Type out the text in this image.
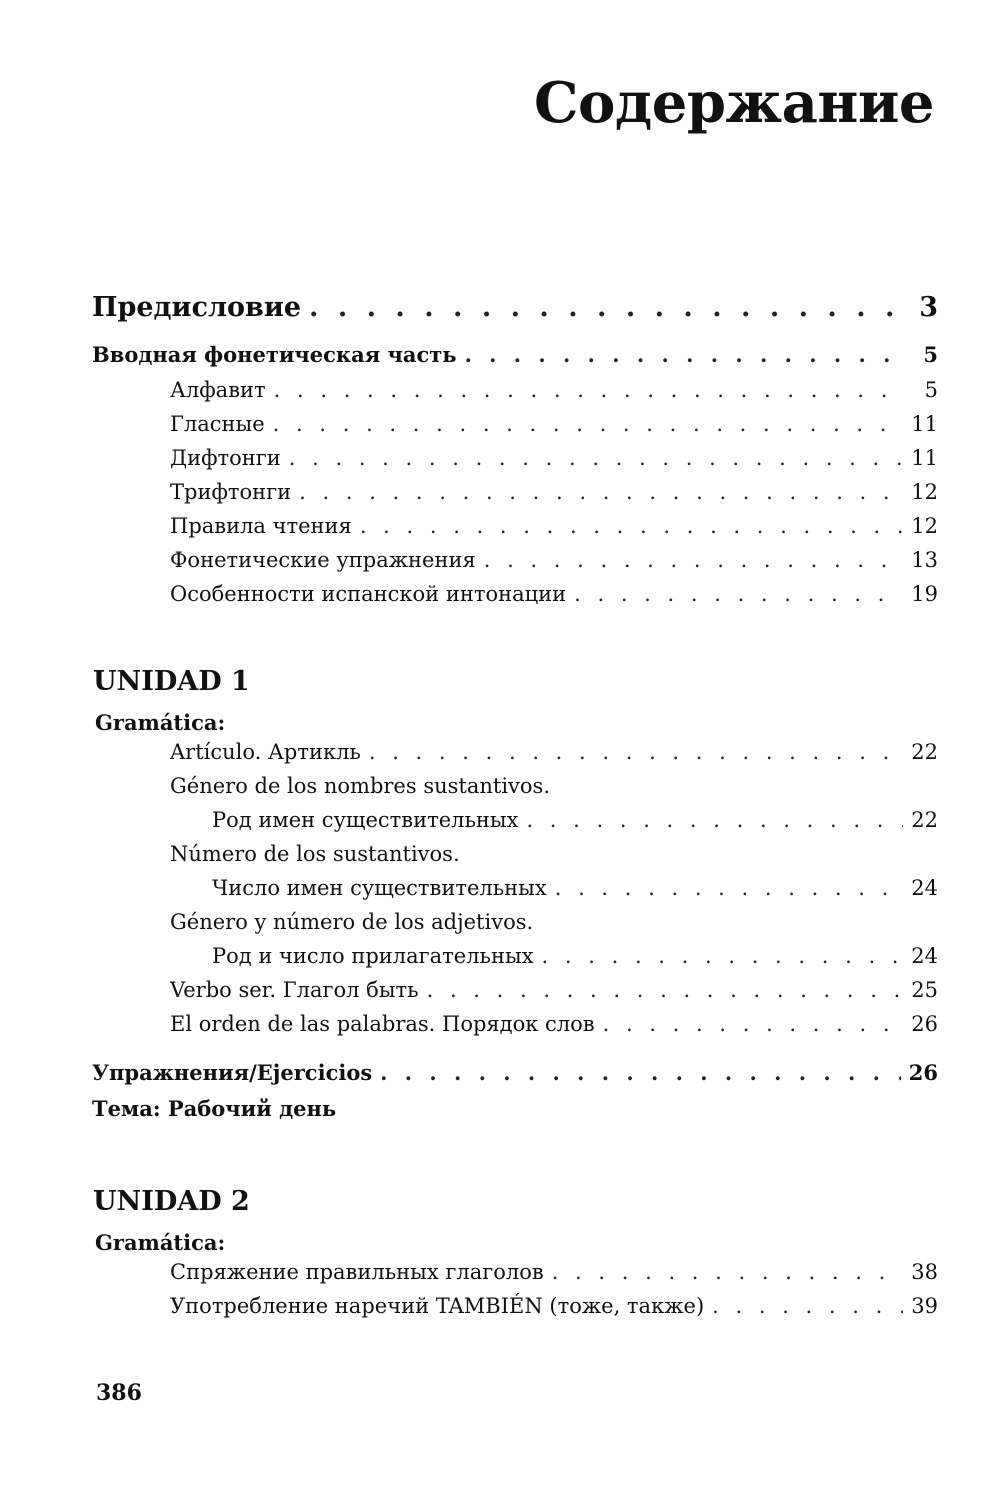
Содержание
Предисловие . . .	3
Вводная фонетическая часть . . .	5
Алфавит . . .	5
Гласные . . .	11
Дифтонги . . .	11
Трифтонги . . .	12
Правила чтения . . .	12
Фонетические упражнения . . .	13
Особенности испанской интонации . . .	19
UNIDAD 1
Gramática:
Artículo. Артикль . . .	22
Género de los nombres sustantivos.
Род имен существительных . . .	22
Número de los sustantivos.
Число имен существительных . . .	24
Género y número de los adjetivos.
Род и число прилагательных . . .	24
Verbo ser. Глагол быть . . .	25
El orden de las palabras. Порядок слов . . .	26
Упражнения/Ejercicios . . .	26
Тема: Рабочий день
UNIDAD 2
Gramática:
Спряжение правильных глаголов . . .	38
Употребление наречий TAMBIÉN (тоже, также) . . .	39
386
